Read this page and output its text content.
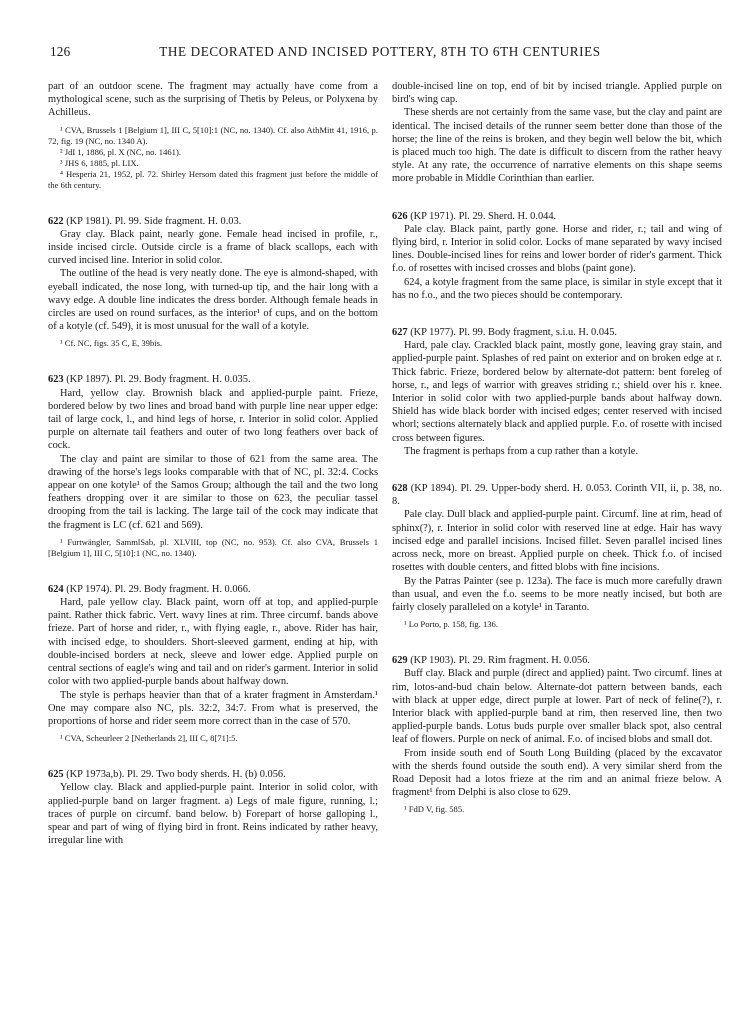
126	THE DECORATED AND INCISED POTTERY, 8TH TO 6TH CENTURIES

part of an outdoor scene. The fragment may actually have come from a mythological scene, such as the surprising of Thetis by Peleus, or Polyxena by Achilleus.

¹ CVA, Brussels 1 [Belgium 1], III C, 5[10]:1 (NC, no. 1340). Cf. also AthMitt 41, 1916, p. 72, fig. 19 (NC, no. 1340 A).

² JdI 1, 1886, pl. X (NC, no. 1461).

³ JHS 6, 1885, pl. LIX.

⁴ Hesperia 21, 1952, pl. 72. Shirley Hersom dated this fragment just before the middle of the 6th century.

622 (KP 1981). Pl. 99. Side fragment. H. 0.03.

Gray clay. Black paint, nearly gone. Female head incised in profile, r., inside incised circle. Outside circle is a frame of black scallops, each with curved incised line. Interior in solid color.

The outline of the head is very neatly done. The eye is almond-shaped, with eyeball indicated, the nose long, with turned-up tip, and the hair long with a wavy edge. A double line indicates the dress border. Although female heads in circles are used on round surfaces, as the interior¹ of cups, and on the bottom of a kotyle (cf. 549), it is most unusual for the wall of a kotyle.

¹ Cf. NC, figs. 35 C, E, 39bis.

623 (KP 1897). Pl. 29. Body fragment. H. 0.035.

Hard, yellow clay. Brownish black and applied-purple paint. Frieze, bordered below by two lines and broad band with purple line near upper edge: tail of large cock, l., and hind legs of horse, r. Interior in solid color. Applied purple on alternate tail feathers and outer of two long feathers over back of cock.

The clay and paint are similar to those of 621 from the same area. The drawing of the horse's legs looks comparable with that of NC, pl. 32:4. Cocks appear on one kotyle¹ of the Samos Group; although the tail and the two long feathers dropping over it are similar to those on 623, the peculiar tassel drooping from the tail is lacking. The large tail of the cock may indicate that the fragment is LC (cf. 621 and 569).

¹ Furtwängler, SammlSab, pl. XLVIII, top (NC, no. 953). Cf. also CVA, Brussels 1 [Belgium 1], III C, 5[10]:1 (NC, no. 1340).

624 (KP 1974). Pl. 29. Body fragment. H. 0.066.

Hard, pale yellow clay. Black paint, worn off at top, and applied-purple paint. Rather thick fabric. Vert. wavy lines at rim. Three circumf. bands above frieze. Part of horse and rider, r., with flying eagle, r., above. Rider has hair, with incised edge, to shoulders. Short-sleeved garment, ending at hip, with double-incised borders at neck, sleeve and lower edge. Applied purple on central sections of eagle's wing and tail and on rider's garment. Interior in solid color with two applied-purple bands about halfway down.

The style is perhaps heavier than that of a krater fragment in Amsterdam.¹ One may compare also NC, pls. 32:2, 34:7. From what is preserved, the proportions of horse and rider seem more correct than in the case of 570.

¹ CVA, Scheurleer 2 [Netherlands 2], III C, 8[71]:5.

625 (KP 1973a,b). Pl. 29. Two body sherds. H. (b) 0.056.

Yellow clay. Black and applied-purple paint. Interior in solid color, with applied-purple band on larger fragment. a) Legs of male figure, running, l.; traces of purple on circumf. band below. b) Forepart of horse galloping l., spear and part of wing of flying bird in front. Reins indicated by rather heavy, irregular line with

double-incised line on top, end of bit by incised triangle. Applied purple on bird's wing cap.

These sherds are not certainly from the same vase, but the clay and paint are identical. The incised details of the runner seem better done than those of the horse; the line of the reins is broken, and they begin well below the bit, which is placed much too high. The date is difficult to discern from the rather heavy style. At any rate, the occurrence of narrative elements on this shape seems more probable in Middle Corinthian than earlier.

626 (KP 1971). Pl. 29. Sherd. H. 0.044.

Pale clay. Black paint, partly gone. Horse and rider, r.; tail and wing of flying bird, r. Interior in solid color. Locks of mane separated by wavy incised lines. Double-incised lines for reins and lower border of rider's garment. Thick f.o. of rosettes with incised crosses and blobs (paint gone).

624, a kotyle fragment from the same place, is similar in style except that it has no f.o., and the two pieces should be contemporary.

627 (KP 1977). Pl. 99. Body fragment, s.i.u. H. 0.045.

Hard, pale clay. Crackled black paint, mostly gone, leaving gray stain, and applied-purple paint. Splashes of red paint on exterior and on broken edge at r. Thick fabric. Frieze, bordered below by alternate-dot pattern: bent foreleg of horse, r., and legs of warrior with greaves striding r.; shield over his r. knee. Interior in solid color with two applied-purple bands about halfway down. Shield has wide black border with incised edges; center reserved with incised whorl; sections alternately black and applied purple. F.o. of rosette with incised cross between figures.

The fragment is perhaps from a cup rather than a kotyle.

628 (KP 1894). Pl. 29. Upper-body sherd. H. 0.053. Corinth VII, ii, p. 38, no. 8.

Pale clay. Dull black and applied-purple paint. Circumf. line at rim, head of sphinx(?), r. Interior in solid color with reserved line at edge. Hair has wavy incised edge and parallel incisions. Incised fillet. Seven parallel incised lines across neck, more on breast. Applied purple on cheek. Thick f.o. of incised rosettes with double centers, and fitted blobs with fine incisions.

By the Patras Painter (see p. 123a). The face is much more carefully drawn than usual, and even the f.o. seems to be more neatly incised, but both are fairly closely paralleled on a kotyle¹ in Taranto.

¹ Lo Porto, p. 158, fig. 136.

629 (KP 1903). Pl. 29. Rim fragment. H. 0.056.

Buff clay. Black and purple (direct and applied) paint. Two circumf. lines at rim, lotos-and-bud chain below. Alternate-dot pattern between bands, each with black at upper edge, direct purple at lower. Part of neck of feline(?), r. Interior black with applied-purple band at rim, then reserved line, then two applied-purple bands. Lotus buds purple over smaller black spot, also central leaf of flowers. Purple on neck of animal. F.o. of incised blobs and small dot.

From inside south end of South Long Building (placed by the excavator with the sherds found outside the south end). A very similar sherd from the Road Deposit had a lotos frieze at the rim and an animal frieze below. A fragment¹ from Delphi is also close to 629.

¹ FdD V, fig. 585.
